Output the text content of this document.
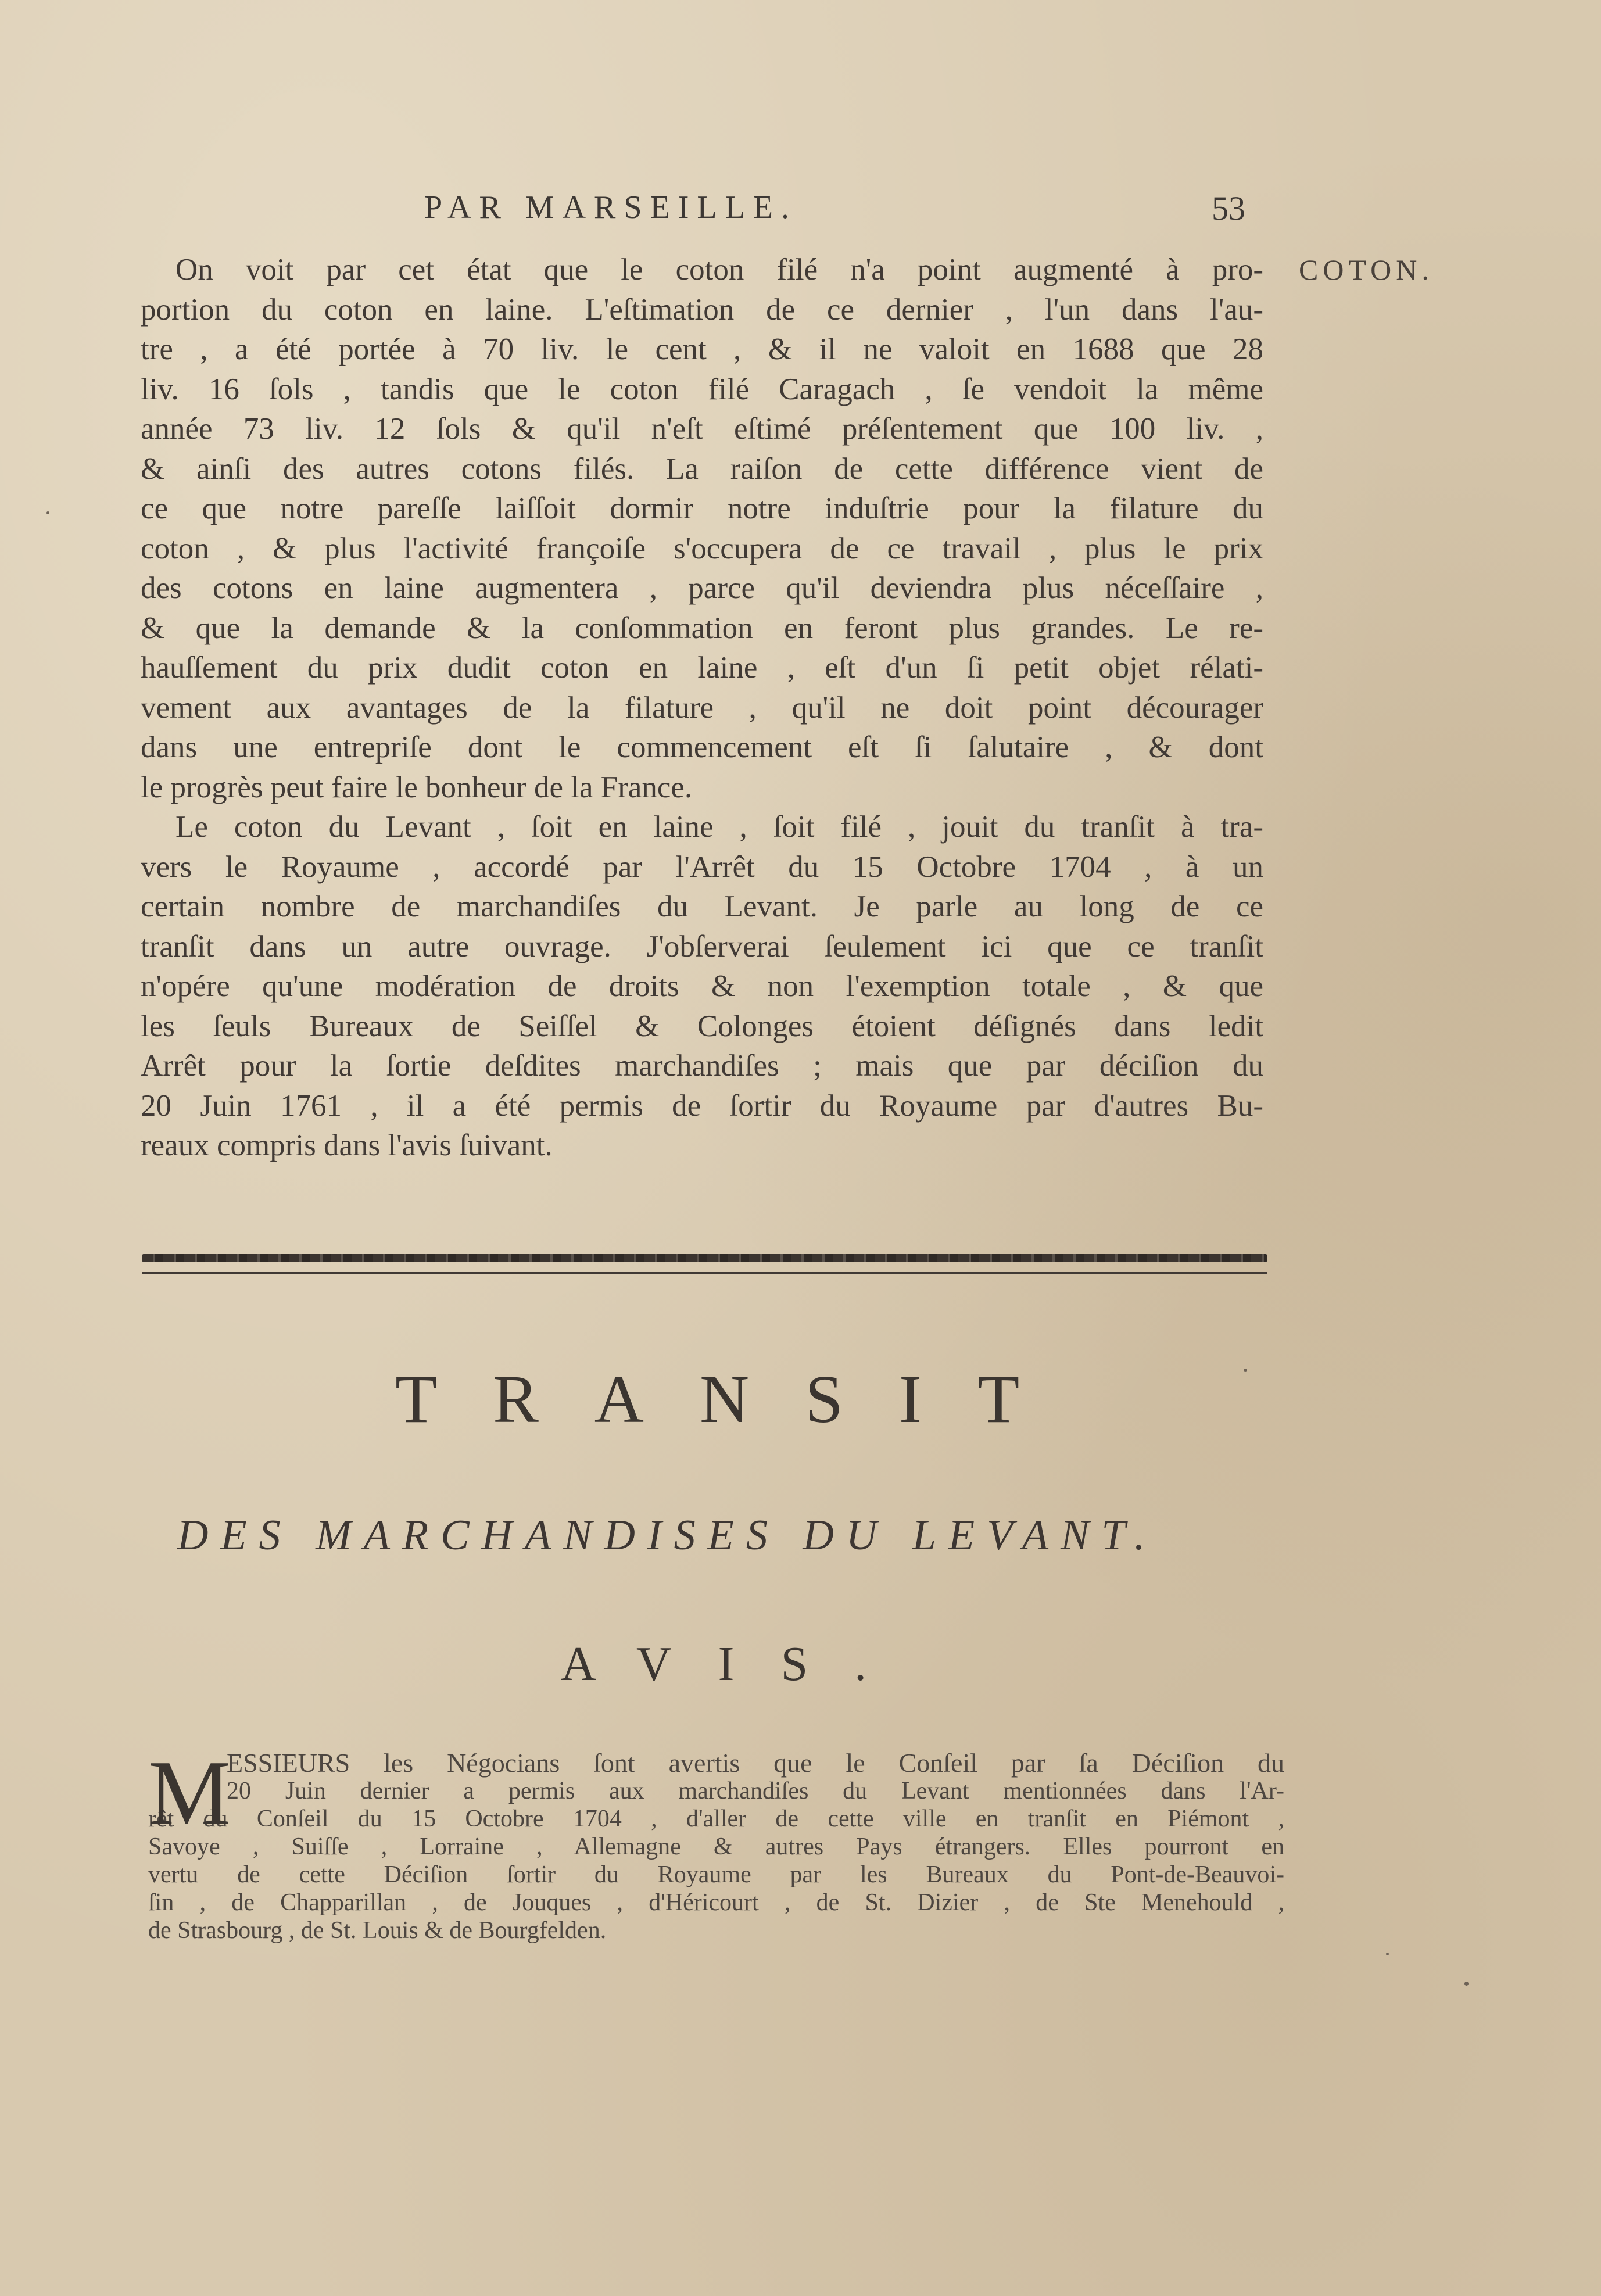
PAR MARSEILLE.	53
COTON.
On voit par cet état que le coton filé n'a point augmenté à pro-
portion du coton en laine. L'eſtimation de ce dernier , l'un dans l'au-
tre , a été portée à 70 liv. le cent , & il ne valoit en 1688 que 28
liv. 16 ſols , tandis que le coton filé Caragach , ſe vendoit la même
année 73 liv. 12 ſols & qu'il n'eſt eſtimé préſentement que 100 liv. ,
& ainſi des autres cotons filés. La raiſon de cette différence vient de
ce que notre pareſſe laiſſoit dormir notre induſtrie pour la filature du
coton , & plus l'activité françoiſe s'occupera de ce travail , plus le prix
des cotons en laine augmentera , parce qu'il deviendra plus néceſſaire ,
& que la demande & la conſommation en feront plus grandes. Le re-
hauſſement du prix dudit coton en laine , eſt d'un ſi petit objet rélati-
vement aux avantages de la filature , qu'il ne doit point décourager
dans une entrepriſe dont le commencement eſt ſi ſalutaire , & dont
le progrès peut faire le bonheur de la France.
Le coton du Levant , ſoit en laine , ſoit filé , jouit du tranſit à tra-
vers le Royaume , accordé par l'Arrêt du 15 Octobre 1704 , à un
certain nombre de marchandiſes du Levant. Je parle au long de ce
tranſit dans un autre ouvrage. J'obſerverai ſeulement ici que ce tranſit
n'opére qu'une modération de droits & non l'exemption totale , & que
les ſeuls Bureaux de Seiſſel & Colonges étoient déſignés dans ledit
Arrêt pour la ſortie deſdites marchandiſes ; mais que par déciſion du
20 Juin 1761 , il a été permis de ſortir du Royaume par d'autres Bu-
reaux compris dans l'avis ſuivant.
TRANSIT
DES MARCHANDISES DU LEVANT.
AVIS.
M
ESSIEURS les Négocians ſont avertis que le Conſeil par ſa Déciſion du
20 Juin dernier a permis aux marchandiſes du Levant mentionnées dans l'Ar-
rêt du Conſeil du 15 Octobre 1704 , d'aller de cette ville en tranſit en Piémont ,
Savoye , Suiſſe , Lorraine , Allemagne & autres Pays étrangers. Elles pourront en
vertu de cette Déciſion ſortir du Royaume par les Bureaux du Pont-de-Beauvoi-
ſin , de Chapparillan , de Jouques , d'Héricourt , de St. Dizier , de Ste Menehould ,
de Strasbourg , de St. Louis & de Bourgfelden.
